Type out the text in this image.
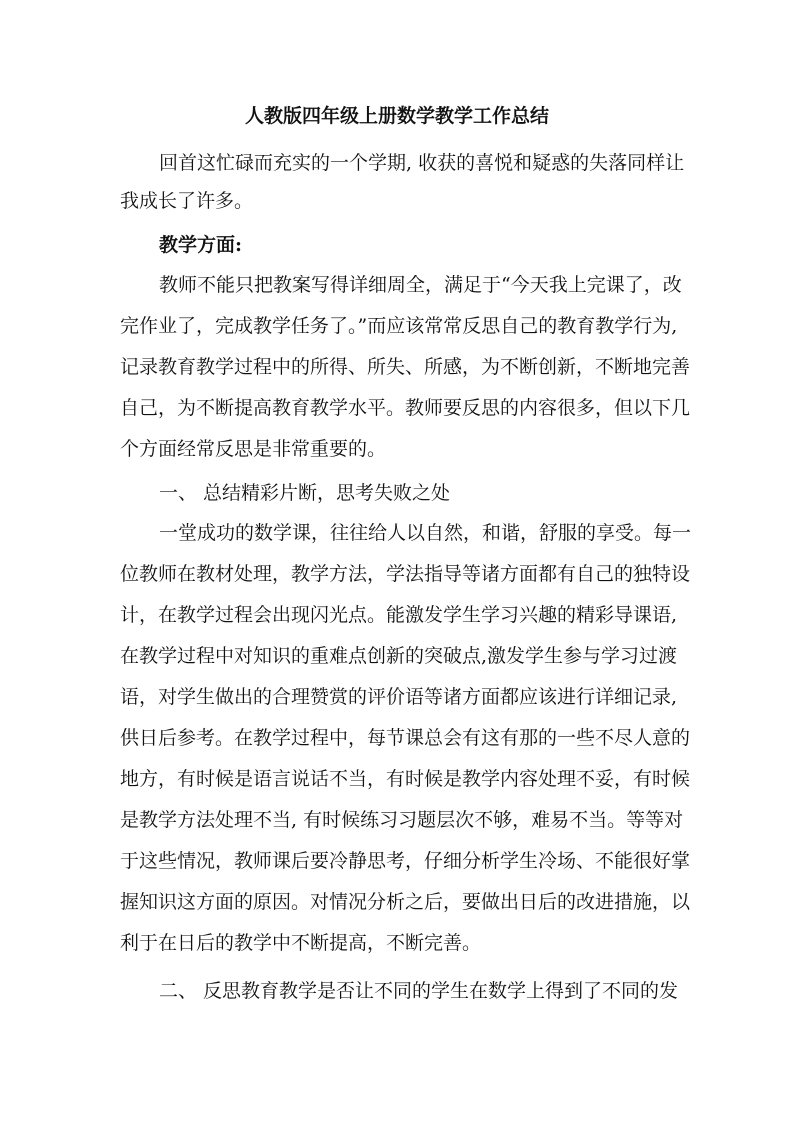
人教版四年级上册数学教学工作总结
回首这忙碌而充实的一个学期, 收获的喜悦和疑惑的失落同样让
我成长了许多。
教学方面:
教师不能只把教案写得详细周全，满足于“今天我上完课了，改
完作业了，完成教学任务了。”而应该常常反思自己的教育教学行为,
记录教育教学过程中的所得、所失、所感，为不断创新，不断地完善
自己，为不断提高教育教学水平。教师要反思的内容很多，但以下几
个方面经常反思是非常重要的。
一、 总结精彩片断，思考失败之处
一堂成功的数学课，往往给人以自然，和谐，舒服的享受。每一
位教师在教材处理，教学方法，学法指导等诸方面都有自己的独特设
计，在教学过程会出现闪光点。能激发学生学习兴趣的精彩导课语,
在教学过程中对知识的重难点创新的突破点,激发学生参与学习过渡
语，对学生做出的合理赞赏的评价语等诸方面都应该进行详细记录,
供日后参考。在教学过程中，每节课总会有这有那的一些不尽人意的
地方，有时候是语言说话不当，有时候是教学内容处理不妥，有时候
是教学方法处理不当, 有时候练习习题层次不够，难易不当。等等对
于这些情况，教师课后要冷静思考，仔细分析学生冷场、不能很好掌
握知识这方面的原因。对情况分析之后，要做出日后的改进措施，以
利于在日后的教学中不断提高，不断完善。
二、 反思教育教学是否让不同的学生在数学上得到了不同的发
